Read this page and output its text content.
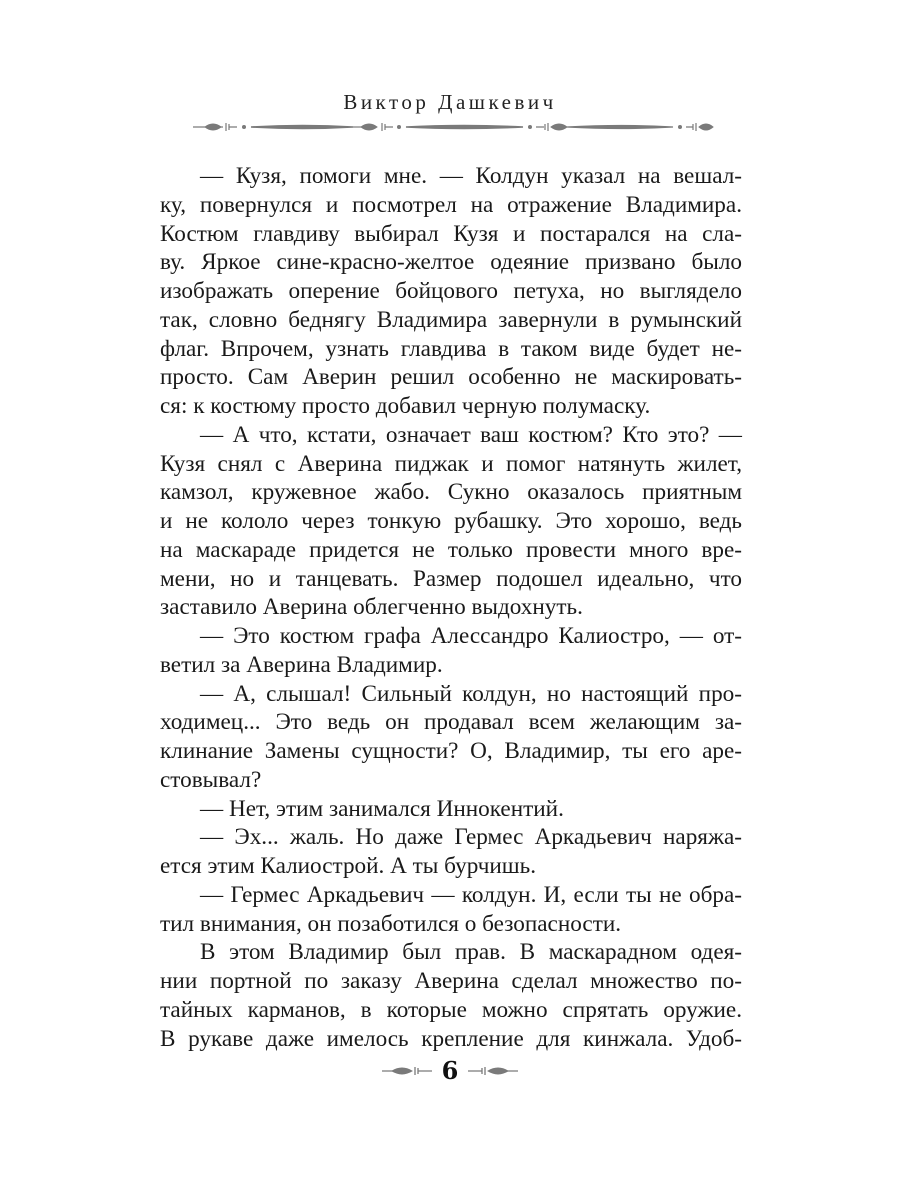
Виктор Дашкевич
— Кузя, помоги мне. — Колдун указал на вешал-
ку, повернулся и посмотрел на отражение Владимира.
Костюм главдиву выбирал Кузя и постарался на сла-
ву. Яркое сине-красно-желтое одеяние призвано было
изображать оперение бойцового петуха, но выглядело
так, словно беднягу Владимира завернули в румынский
флаг. Впрочем, узнать главдива в таком виде будет не-
просто. Сам Аверин решил особенно не маскировать-
ся: к костюму просто добавил черную полумаску.
— А что, кстати, означает ваш костюм? Кто это? —
Кузя снял с Аверина пиджак и помог натянуть жилет,
камзол, кружевное жабо. Сукно оказалось приятным
и не кололо через тонкую рубашку. Это хорошо, ведь
на маскараде придется не только провести много вре-
мени, но и танцевать. Размер подошел идеально, что
заставило Аверина облегченно выдохнуть.
— Это костюм графа Алессандро Калиостро, — от-
ветил за Аверина Владимир.
— А, слышал! Сильный колдун, но настоящий про-
ходимец... Это ведь он продавал всем желающим за-
клинание Замены сущности? О, Владимир, ты его аре-
стовывал?
— Нет, этим занимался Иннокентий.
— Эх... жаль. Но даже Гермес Аркадьевич наряжа-
ется этим Калиострой. А ты бурчишь.
— Гермес Аркадьевич — колдун. И, если ты не обра-
тил внимания, он позаботился о безопасности.
В этом Владимир был прав. В маскарадном одея-
нии портной по заказу Аверина сделал множество по-
тайных карманов, в которые можно спрятать оружие.
В рукаве даже имелось крепление для кинжала. Удоб-
6
